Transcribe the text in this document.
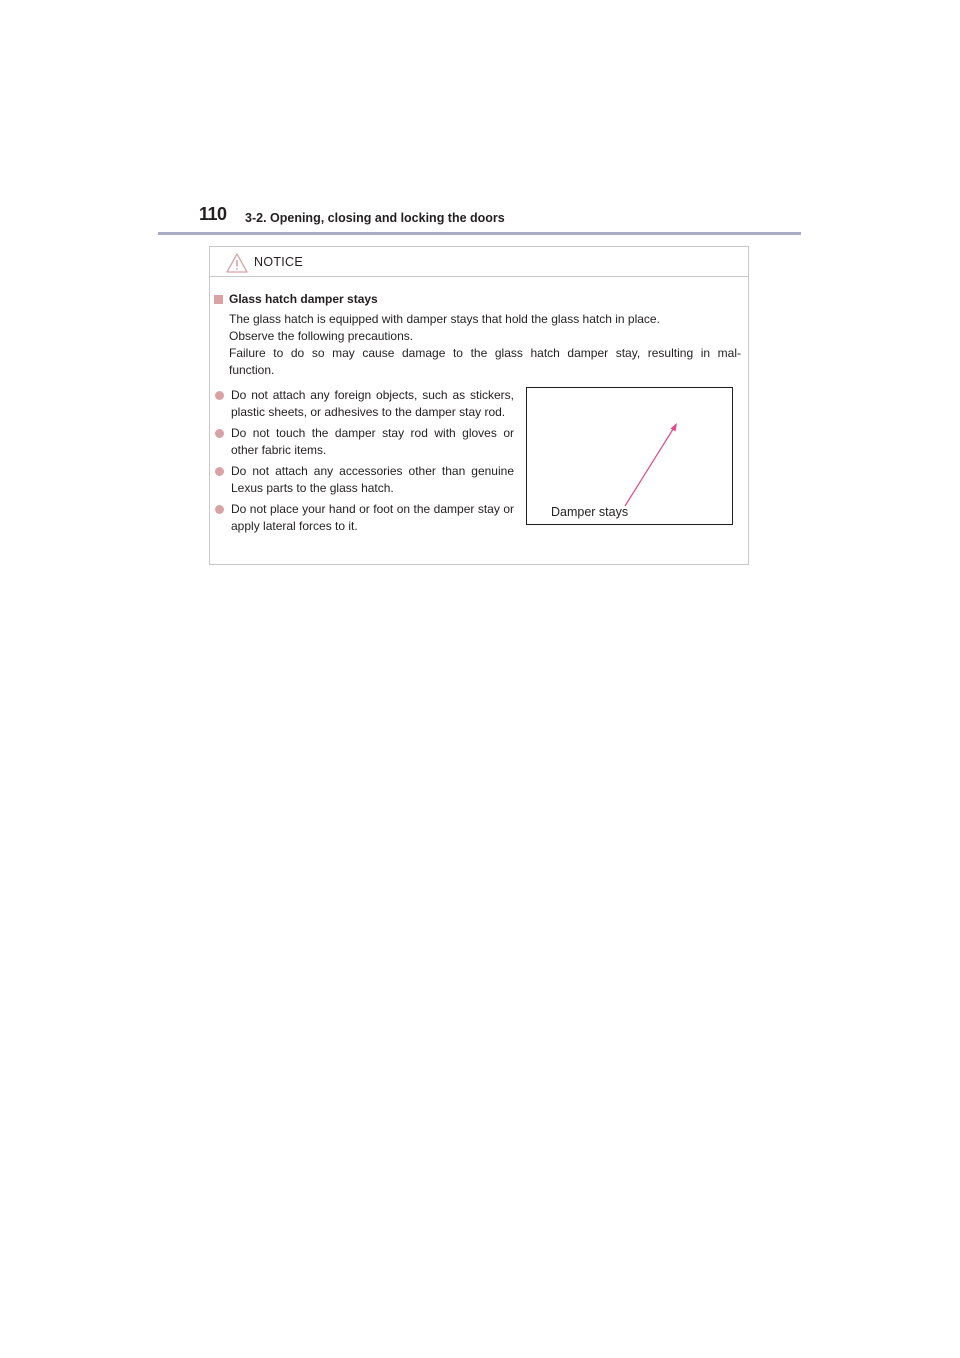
110 3-2. Opening, closing and locking the doors
NOTICE
Glass hatch damper stays

The glass hatch is equipped with damper stays that hold the glass hatch in place.

Observe the following precautions.

Failure to do so may cause damage to the glass hatch damper stay, resulting in mal-

function.

Do not attach any foreign objects, such as stickers, plastic sheets, or adhesives to the damper stay rod.
Do not touch the damper stay rod with gloves or other fabric items.
Do not attach any accessories other than genuine Lexus parts to the glass hatch.
Do not place your hand or foot on the damper stay or apply lateral forces to it.
Damper stays
